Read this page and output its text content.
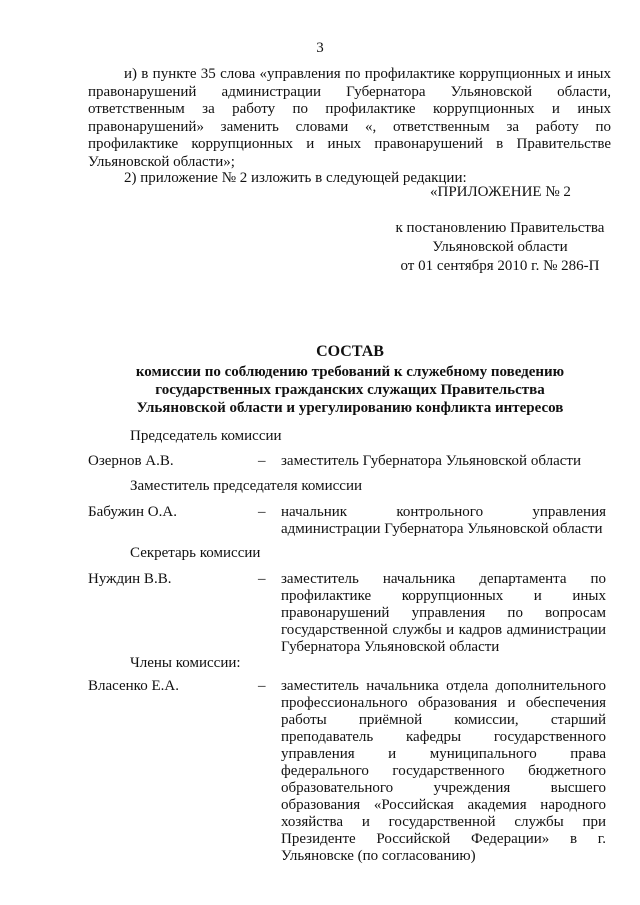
3

и) в пункте 35 слова «управления по профилактике коррупционных и иных правонарушений администрации Губернатора Ульяновской области, ответственным за работу по профилактике коррупционных и иных правонарушений» заменить словами «, ответственным за работу по профилактике коррупционных и иных правонарушений в Правительстве Ульяновской области»;

2) приложение № 2 изложить в следующей редакции:

«ПРИЛОЖЕНИЕ № 2

к постановлению Правительства
Ульяновской области
от 01 сентября 2010 г. № 286-П

СОСТАВ

комиссии по соблюдению требований к служебному поведению
государственных гражданских служащих Правительства
Ульяновской области и урегулированию конфликта интересов

Председатель комиссии

Озернов А.В.	– заместитель Губернатора Ульяновской области

Заместитель председателя комиссии

Бабужин О.А.	– начальник контрольного управления администрации Губернатора Ульяновской области

Секретарь комиссии

Нуждин В.В.	– заместитель начальника департамента по профилактике коррупционных и иных правонарушений управления по вопросам государственной службы и кадров администрации Губернатора Ульяновской области

Члены комиссии:

Власенко Е.А.	– заместитель начальника отдела дополнительного профессионального образования и обеспечения работы приёмной комиссии, старший преподаватель кафедры государственного управления и муниципального права федерального государственного бюджетного образовательного учреждения высшего образования «Российская академия народного хозяйства и государственной службы при Президенте Российской Федерации» в г. Ульяновске (по согласованию)
